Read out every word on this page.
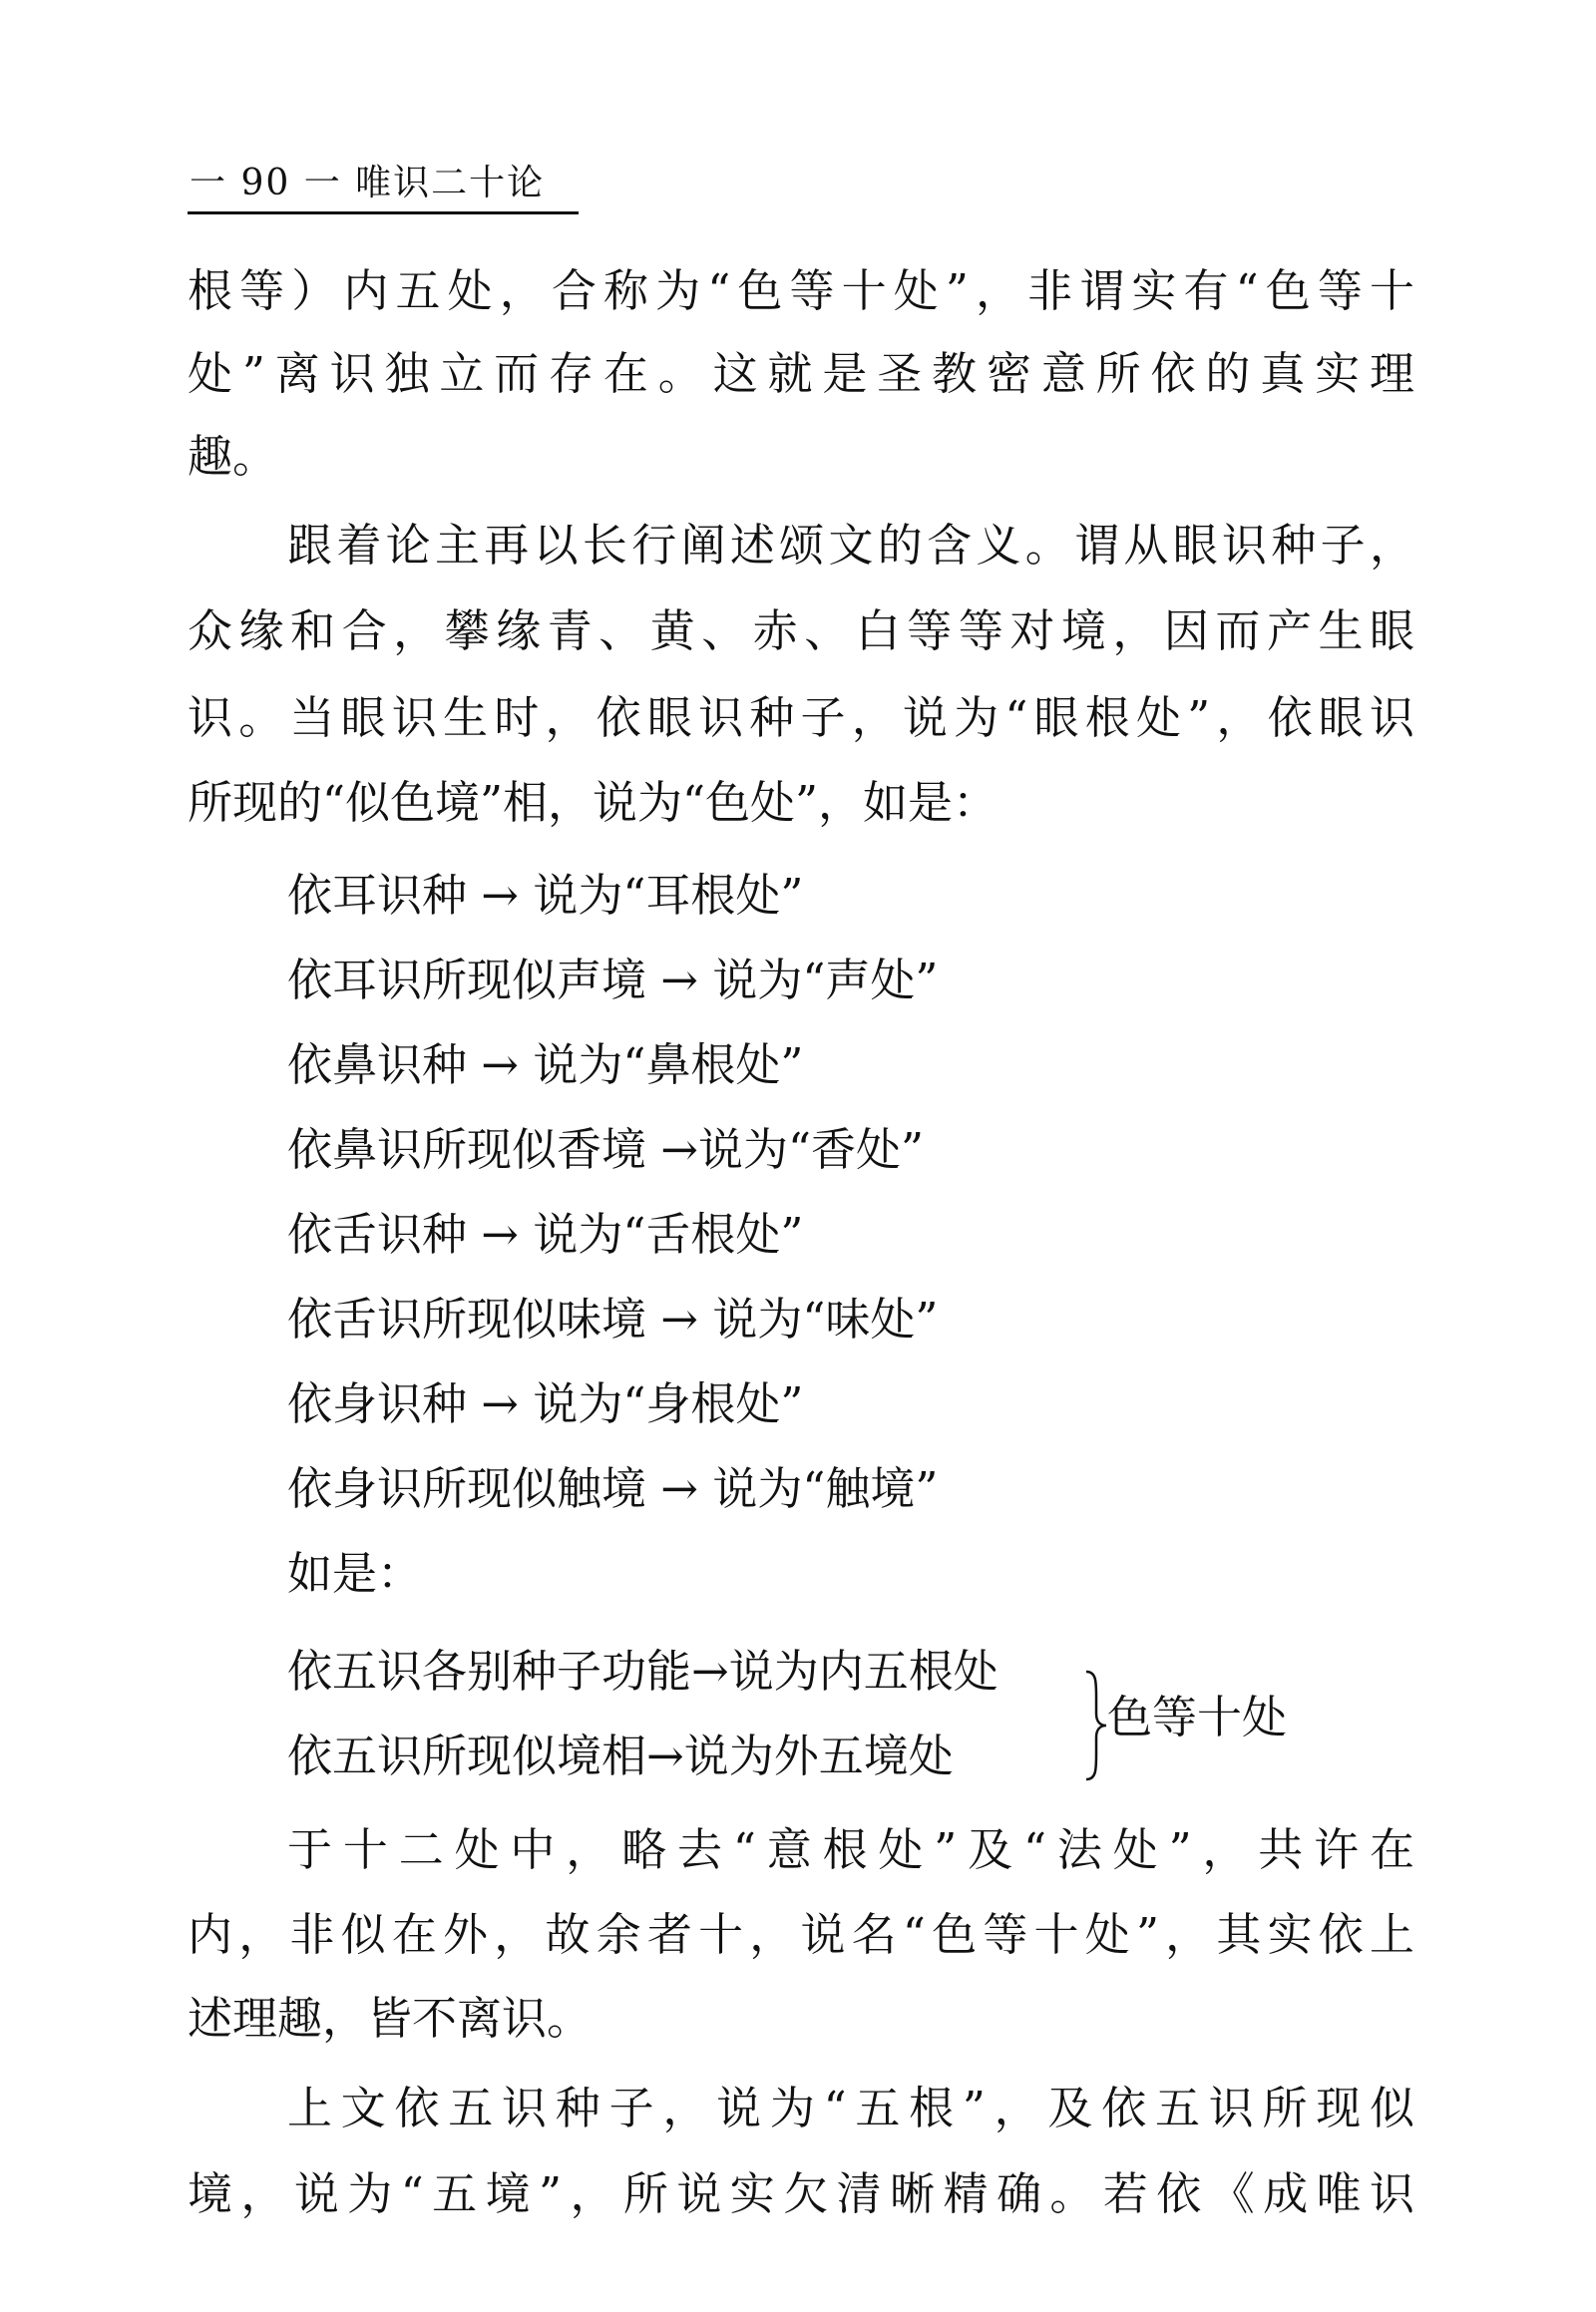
一 90 一 唯识二十论
根等）内五处，合称为“色等十处”，非谓实有“色等十
处”离识独立而存在。这就是圣教密意所依的真实理
趣。
跟着论主再以长行阐述颂文的含义。谓从眼识种子，
众缘和合，攀缘青、黄、赤、白等等对境，因而产生眼
识。当眼识生时，依眼识种子，说为“眼根处”，依眼识
所现的“似色境”相，说为“色处”，如是：
依耳识种 → 说为“耳根处”
依耳识所现似声境 → 说为“声处”
依鼻识种 → 说为“鼻根处”
依鼻识所现似香境 →说为“香处”
依舌识种 → 说为“舌根处”
依舌识所现似味境 → 说为“味处”
依身识种 → 说为“身根处”
依身识所现似触境 → 说为“触境”
如是：
依五识各别种子功能→说为内五根处
依五识所现似境相→说为外五境处
色等十处
于十二处中，略去“意根处”及“法处”，共许在
内，非似在外，故余者十，说名“色等十处”，其实依上
述理趣，皆不离识。
上文依五识种子，说为“五根”，及依五识所现似
境，说为“五境”，所说实欠清晰精确。若依《成唯识
